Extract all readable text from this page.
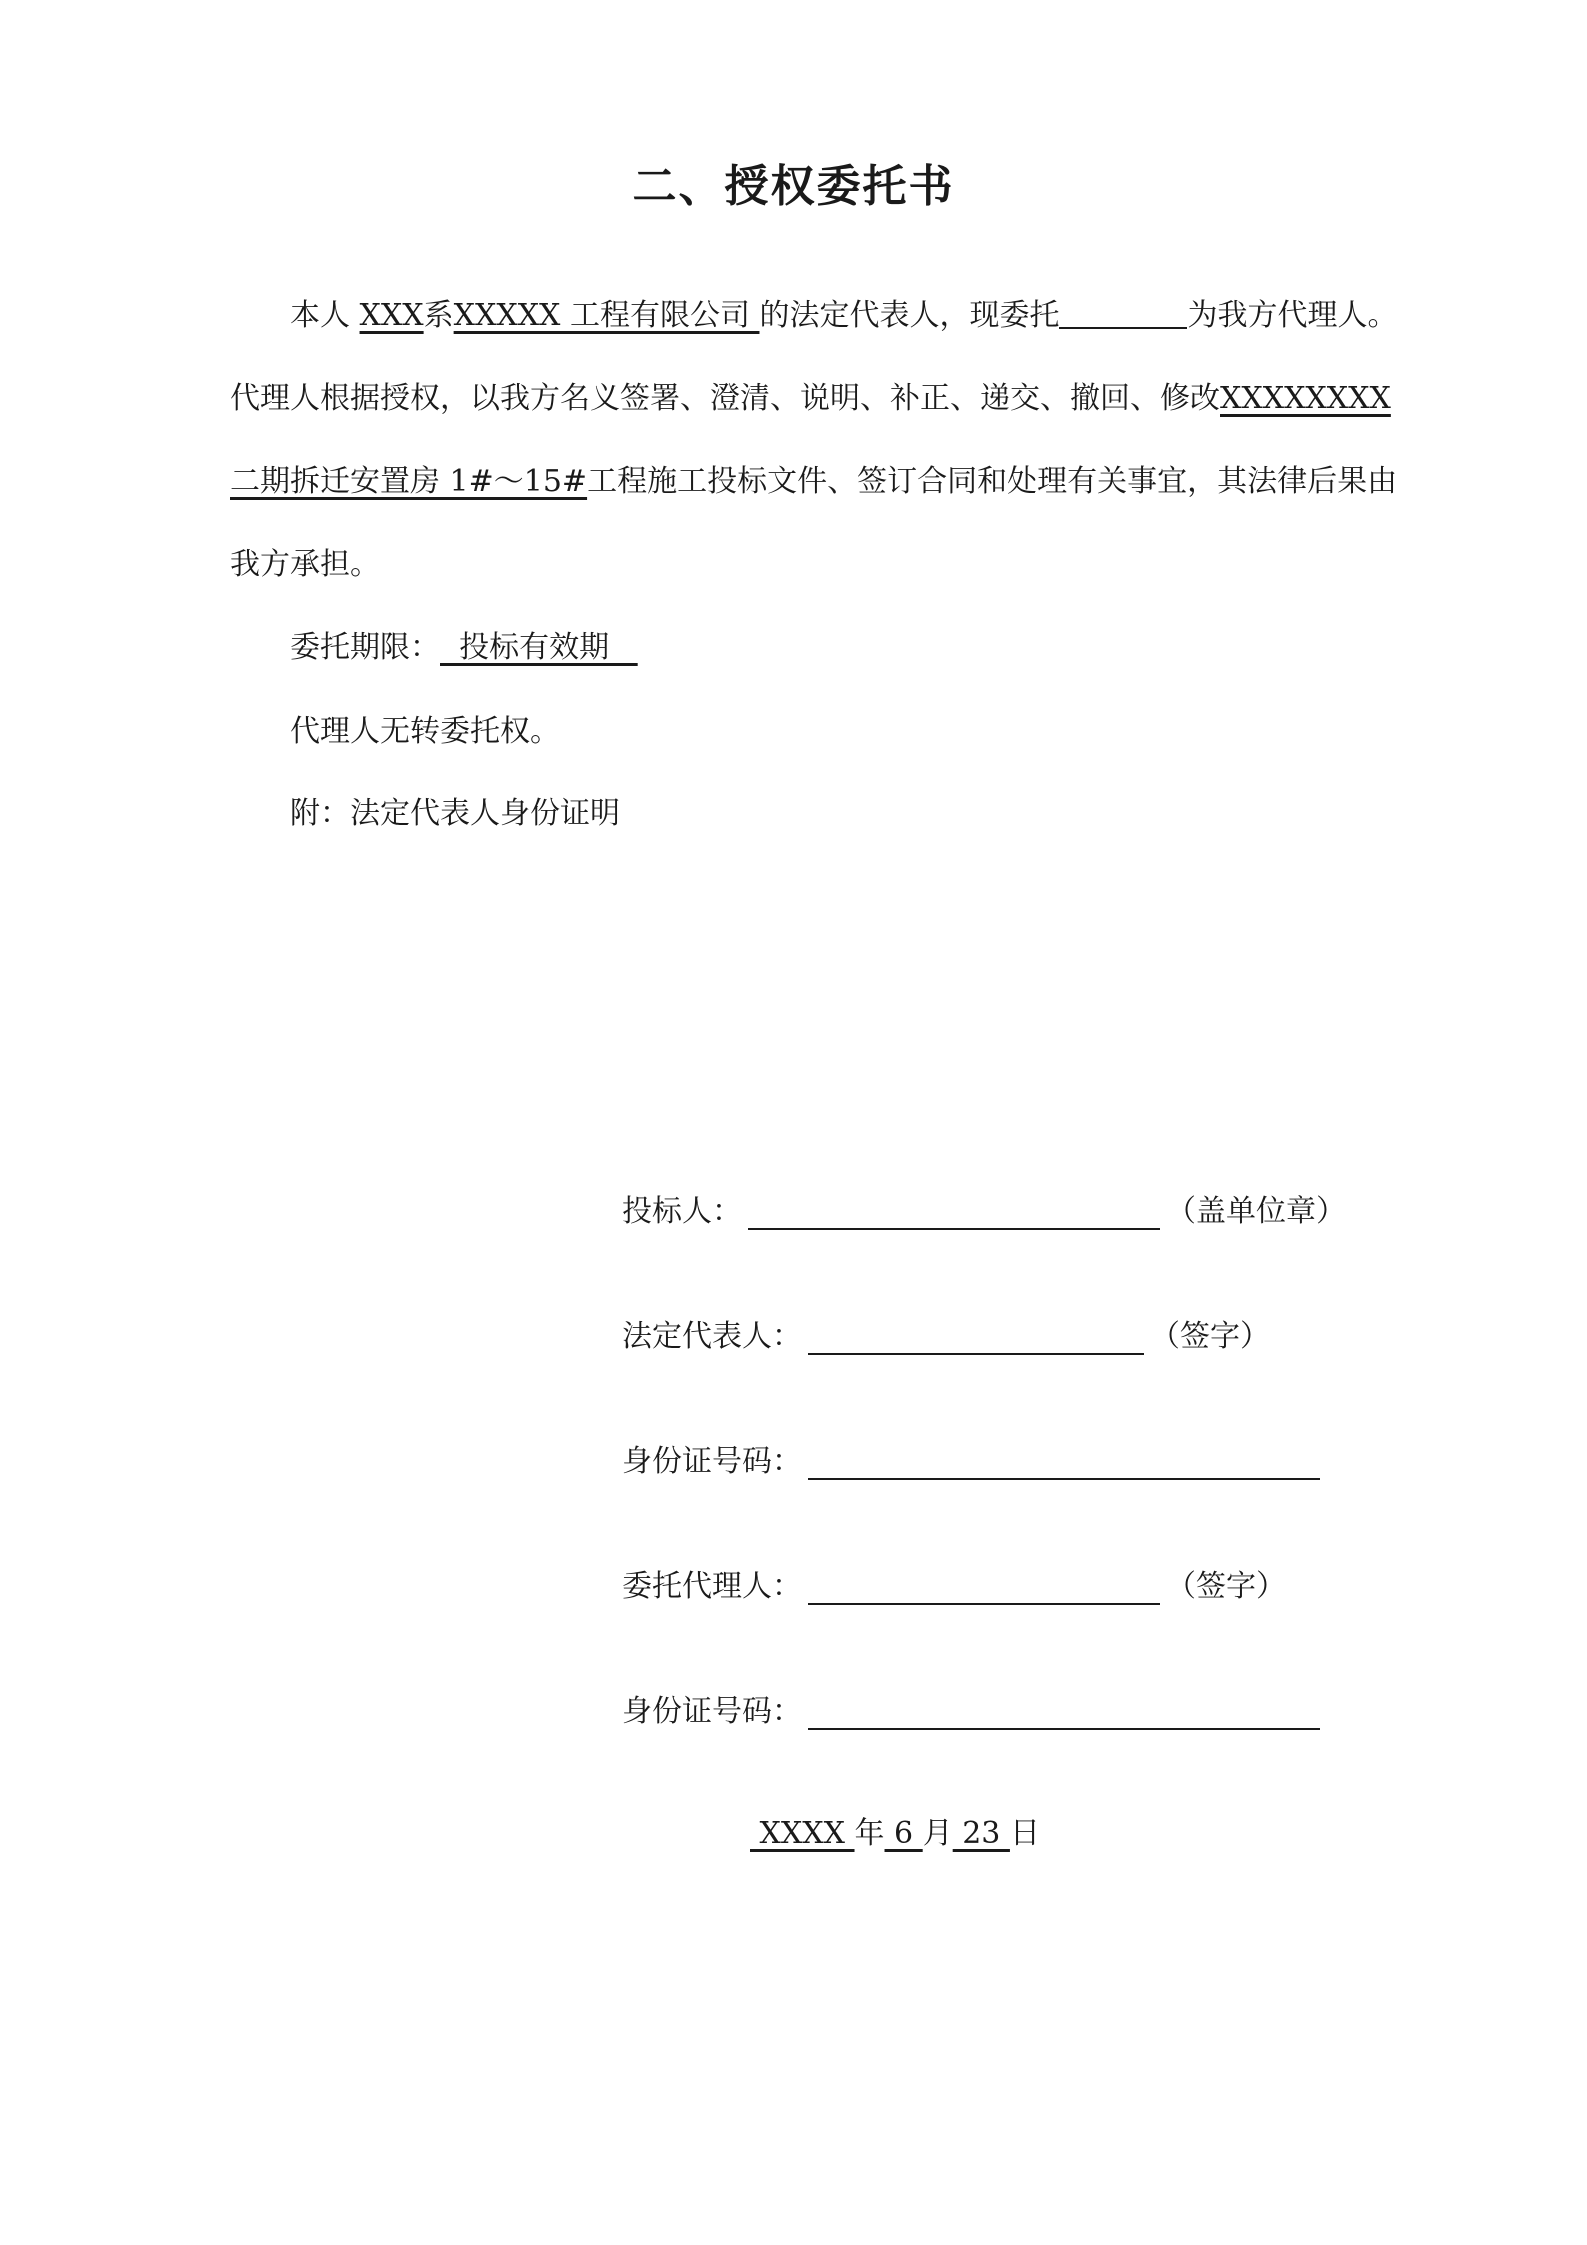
二、授权委托书
本人 XXX系XXXXX 工程有限公司 的法定代表人，现委托	为我方代理人。
代理人根据授权，以我方名义签署、澄清、说明、补正、递交、撤回、修改XXXXXXXX
二期拆迁安置房 1#～15#工程施工投标文件、签订合同和处理有关事宜，其法律后果由
我方承担。
委托期限：  投标有效期
代理人无转委托权。
附：法定代表人身份证明
投标人：	（盖单位章）
法定代表人：	（签字）
身份证号码：
委托代理人：	（签字）
身份证号码：
XXXX 年 6 月 23 日
